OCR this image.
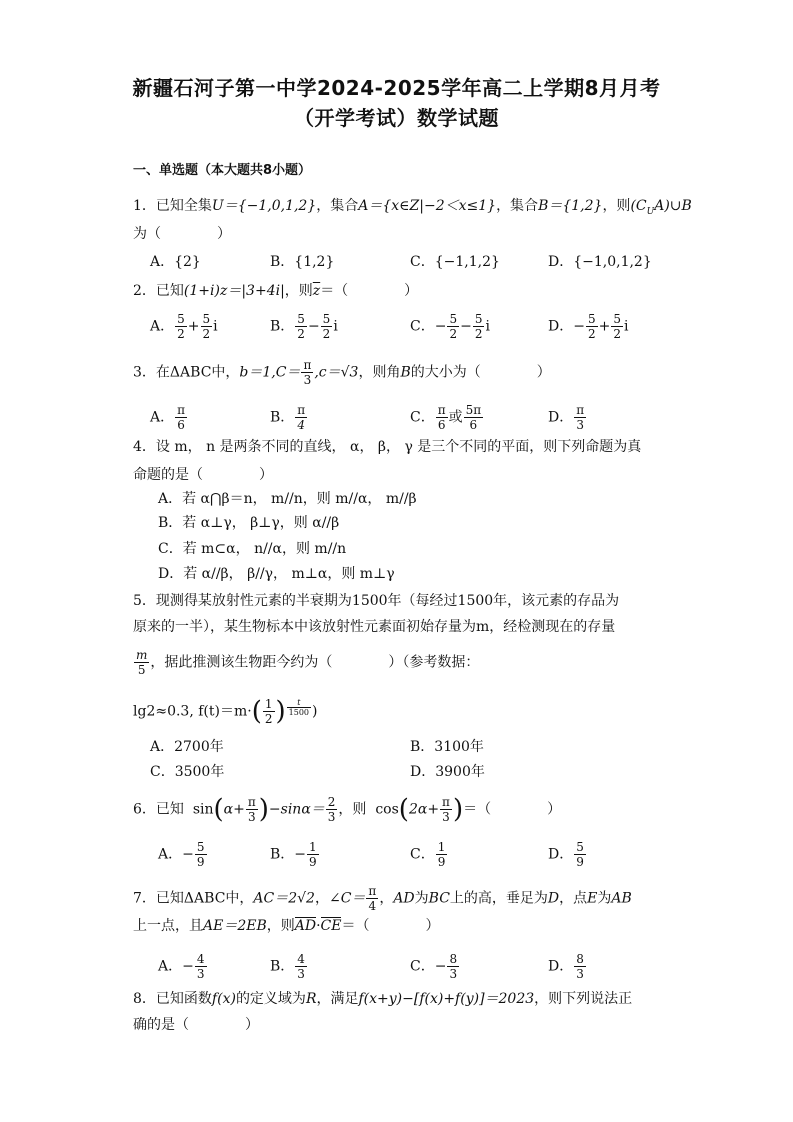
新疆石河子第一中学2024-2025学年高二上学期8月月考
（开学考试）数学试题
一、单选题（本大题共8小题）
1．已知全集U＝{−1,0,1,2}，集合A＝{x∈Z|−2＜x≤1}，集合B＝{1,2}，则$(C_UA)\cup B$
为（　　　　）
A．{2}	B．{1,2}	C．{−1,1,2}	D．{−1,0,1,2}
2．已知(1+i)z＝|3+4i|，则$\overline{z}=$（　　　　）
A． $\frac{5}{2} + \frac{5}{2}$ i	B． $\frac{5}{2} - \frac{5}{2}$ i	C．− $\frac{5}{2} - \frac{5}{2}$ i	D．− $\frac{5}{2} + \frac{5}{2}$ i
3．在ΔABC中，$b=1,C= \frac{\pi}{3} ,c=√3$，则角B的大小为（　　　　）
A． $\frac{\pi}{6}$	B． $\frac{\pi}{4}$	C． $\frac{\pi}{6}$ 或 $\frac{5\pi}{6}$	D． $\frac{\pi}{3}$
4．设 m， n 是两条不同的直线， α， β， γ 是三个不同的平面，则下列命题为真
命题的是（　　　　）
A．若 α⋂β＝n， m//n，则 m//α， m//β
B．若 α⊥γ， β⊥γ，则 α//β
C．若 m⊂α， n//α，则 m//n
D．若 α//β， β//γ， m⊥α，则 m⊥γ
5．现测得某放射性元素的半衰期为1500年（每经过1500年，该元素的存品为
原来的一半），某生物标本中该放射性元素面初始存量为m，经检测现在的存量
$\frac{m}{5}$ ，据此推测该生物距今约为（　　　　）（参考数据：
lg2≈0.3, $f(t)=m\cdot( \frac{1}{2}$ ) $^{\frac{t}{1500}}$ )
A．2700年	B．3100年
C．3500年	D．3900年
6．已知 $\sin(\alpha+ \frac{\pi}{3} )-\sin\alpha= \frac{2}{3}$ ，则 $\cos(2\alpha+ \frac{\pi}{3}$ )＝（　　　　）
A．− $\frac{5}{9}$	B．− $\frac{1}{9}$	C． $\frac{1}{9}$	D． $\frac{5}{9}$
7．已知ΔABC中，AC＝2√2，∠C＝ $\frac{\pi}{4}$ ，AD为BC上的高，垂足为D，点E为AB
上一点，且AE＝2EB，则AD·CE＝（　　　　）
A．− $\frac{4}{3}$	B． $\frac{4}{3}$	C．− $\frac{8}{3}$	D． $\frac{8}{3}$
8．已知函数f(x)的定义域为R，满足f(x+y)−[f(x)+f(y)]＝2023，则下列说法正
确的是（　　　　）
